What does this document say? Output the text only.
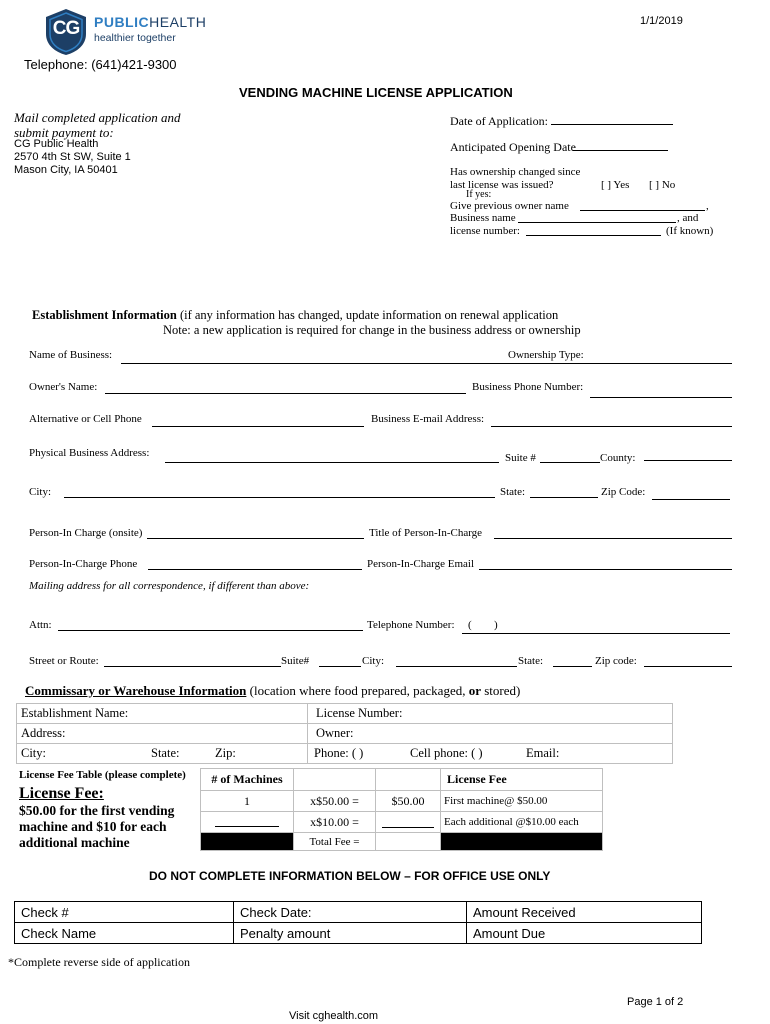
CG PUBLICHEALTH
healthier together
1/1/2019
Telephone: (641)421-9300
VENDING MACHINE LICENSE APPLICATION
Mail completed application and
submit payment to:
CG Public Health
2570 4th St SW, Suite 1
Mason City, IA 50401
Date of Application:
Anticipated Opening Date
Has ownership changed since
last license was issued?	[ ] Yes [ ] No
If yes:
Give previous owner name	,
Business name	, and
license number:	(If known)
Establishment Information (if any information has changed, update information on renewal application
Note: a new application is required for change in the business address or ownership
Name of Business:	Ownership Type:
Owner's Name:	Business Phone Number:
Alternative or Cell Phone	Business E-mail Address:
Physical Business Address:	Suite #	County:
City:	State:	Zip Code:
Person-In Charge (onsite)	Title of Person-In-Charge
Person-In-Charge Phone	Person-In-Charge Email
Mailing address for all correspondence, if different than above:
Attn:	Telephone Number: ( )
Street or Route:	Suite#	City:	State:	Zip code:
Commissary or Warehouse Information (location where food prepared, packaged, or stored)
Establishment Name:	License Number:
Address:	Owner:
City: State: Zip:	Phone: ( ) Cell phone: ( ) Email:
License Fee Table (please complete) # of Machines			License Fee
1	x$50.00 =	$50.00	First machine@ $50.00

	x$10.00 =		Each additional @$10.00 each
	Total Fee =		
License Fee:
$50.00 for the first vending
machine and $10 for each
additional machine
DO NOT COMPLETE INFORMATION BELOW – FOR OFFICE USE ONLY
Check #	Check Date:	Amount Received
Check Name	Penalty amount	Amount Due
*Complete reverse side of application
Page 1 of 2
Visit cghealth.com
